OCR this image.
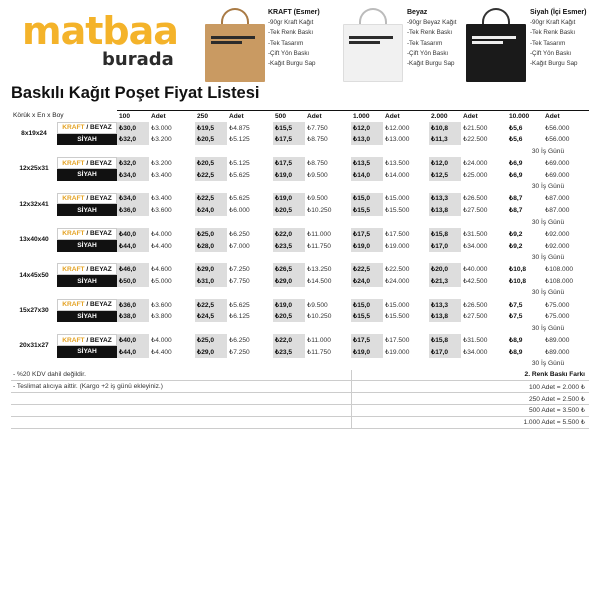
matbaa
burada
KRAFT (Esmer)
-90gr Kraft Kağıt
-Tek Renk Baskı
-Tek Tasarım
-Çift Yön Baskı
-Kağıt Burgu Sap
Beyaz
-90gr Beyaz Kağıt
-Tek Renk Baskı
-Tek Tasarım
-Çift Yön Baskı
-Kağıt Burgu Sap
Siyah (İçi Esmer)
-90gr Kraft Kağıt
-Tek Renk Baskı
-Tek Tasarım
-Çift Yön Baskı
-Kağıt Burgu Sap
Baskılı Kağıt Poşet Fiyat Listesi
Körük x En x Boy		100	Adet	250	Adet	500	Adet	1.000	Adet	2.000	Adet	10.000	Adet
8x19x24	KRAFT / BEYAZ	₺30,0	₺3.000	₺19,5	₺4.875	₺15,5	₺7.750	₺12,0	₺12.000	₺10,8	₺21.500	₺5,6	₺56.000
	SİYAH	₺32,0	₺3.200	₺20,5	₺5.125	₺17,5	₺8.750	₺13,0	₺13.000	₺11,3	₺22.500	₺5,6	₺56.000
												30 İş Günü	
12x25x31	KRAFT / BEYAZ	₺32,0	₺3.200	₺20,5	₺5.125	₺17,5	₺8.750	₺13,5	₺13.500	₺12,0	₺24.000	₺6,9	₺69.000
	SİYAH	₺34,0	₺3.400	₺22,5	₺5.625	₺19,0	₺9.500	₺14,0	₺14.000	₺12,5	₺25.000	₺6,9	₺69.000
												30 İş Günü	
12x32x41	KRAFT / BEYAZ	₺34,0	₺3.400	₺22,5	₺5.625	₺19,0	₺9.500	₺15,0	₺15.000	₺13,3	₺26.500	₺8,7	₺87.000
	SİYAH	₺36,0	₺3.600	₺24,0	₺6.000	₺20,5	₺10.250	₺15,5	₺15.500	₺13,8	₺27.500	₺8,7	₺87.000
												30 İş Günü	
13x40x40	KRAFT / BEYAZ	₺40,0	₺4.000	₺25,0	₺6.250	₺22,0	₺11.000	₺17,5	₺17.500	₺15,8	₺31.500	₺9,2	₺92.000
	SİYAH	₺44,0	₺4.400	₺28,0	₺7.000	₺23,5	₺11.750	₺19,0	₺19.000	₺17,0	₺34.000	₺9,2	₺92.000
												30 İş Günü	
14x45x50	KRAFT / BEYAZ	₺46,0	₺4.600	₺29,0	₺7.250	₺26,5	₺13.250	₺22,5	₺22.500	₺20,0	₺40.000	₺10,8	₺108.000
	SİYAH	₺50,0	₺5.000	₺31,0	₺7.750	₺29,0	₺14.500	₺24,0	₺24.000	₺21,3	₺42.500	₺10,8	₺108.000
												30 İş Günü	
15x27x30	KRAFT / BEYAZ	₺36,0	₺3.600	₺22,5	₺5.625	₺19,0	₺9.500	₺15,0	₺15.000	₺13,3	₺26.500	₺7,5	₺75.000
	SİYAH	₺38,0	₺3.800	₺24,5	₺6.125	₺20,5	₺10.250	₺15,5	₺15.500	₺13,8	₺27.500	₺7,5	₺75.000
												30 İş Günü	
20x31x27	KRAFT / BEYAZ	₺40,0	₺4.000	₺25,0	₺6.250	₺22,0	₺11.000	₺17,5	₺17.500	₺15,8	₺31.500	₺8,9	₺89.000
	SİYAH	₺44,0	₺4.400	₺29,0	₺7.250	₺23,5	₺11.750	₺19,0	₺19.000	₺17,0	₺34.000	₺8,9	₺89.000
												30 İş Günü	
- %20 KDV dahil değildir.								2. Renk Baskı Farkı					
- Teslimat alıcıya aittir. (Kargo +2 iş günü ekleyiniz.)								100 Adet = 2.000 ₺					
								250 Adet = 2.500 ₺					
								500 Adet = 3.500 ₺					
								1.000 Adet = 5.500 ₺					
